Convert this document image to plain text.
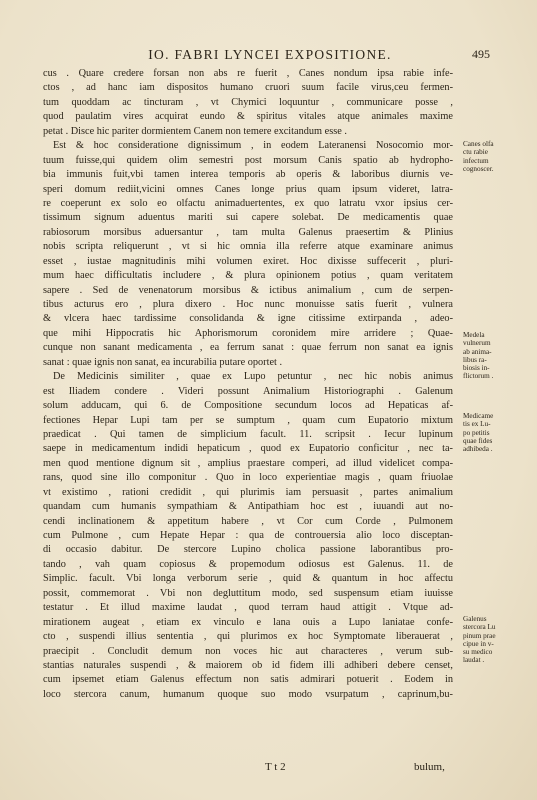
IO. FABRI LYNCEI EXPOSITIONE.	495
cus . Quare credere forsan non abs re fuerit , Canes nondum ipsa rabie infe-
ctos , ad hanc iam dispositos humano cruori suum facile virus,ceu fermen-
tum quoddam ac tincturam , vt Chymici loquuntur , communicare posse ,
quod paulatim vires acquirat eundo & spiritus vitales atque animales maxime
petat . Disce hic pariter dormientem Canem non temere excitandum esse .
Est & hoc consideratione dignissimum , in eodem Lateranensi Nosocomio mor-
tuum fuisse,qui quidem olim semestri post morsum Canis spatio ab hydropho-
bia immunis fuit,vbi tamen interea temporis ab operis & laboribus diurnis ve-
speri domum rediit,vicini omnes Canes longe prius quam ipsum videret, latra-
re coeperunt ex solo eo olfactu animaduertentes, ex quo latratu vxor ipsius cer-
tissimum signum aduentus mariti sui capere solebat. De medicamentis quae
rabiosorum morsibus aduersantur , tam multa Galenus praesertim & Plinius
nobis scripta reliquerunt , vt si hic omnia illa referre atque examinare animus
esset , iustae magnitudinis mihi volumen exiret. Hoc dixisse suffecerit , pluri-
mum haec difficultatis includere , & plura opinionem potius , quam veritatem
sapere . Sed de venenatorum morsibus & ictibus animalium , cum de serpen-
tibus acturus ero , plura dixero . Hoc nunc monuisse satis fuerit , vulnera
& vlcera haec tardissime consolidanda & igne citissime extirpanda , adeo-
que mihi Hippocratis hic Aphorismorum coronidem mire arridere ; Quae-
cunque non sanant medicamenta , ea ferrum sanat : quae ferrum non sanat ea ignis
sanat : quae ignis non sanat, ea incurabilia putare oportet .
De Medicinis similiter , quae ex Lupo petuntur , nec hic nobis animus
est Iliadem condere . Videri possunt Animalium Historiographi . Galenum
solum adducam, qui 6. de Compositione secundum locos ad Hepaticas af-
fectiones Hepar Lupi tam per se sumptum , quam cum Eupatorio mixtum
praedicat . Qui tamen de simplicium facult. 11. scripsit . Iecur lupinum
saepe in medicamentum indidi hepaticum , quod ex Eupatorio conficitur , nec ta-
men quod mentione dignum sit , amplius praestare comperi, ad illud videlicet compa-
rans, quod sine illo componitur . Quo in loco experientiae magis , quam friuolae
vt existimo , rationi credidit , qui plurimis iam persuasit , partes animalium
quandam cum humanis sympathiam & Antipathiam hoc est , iuuandi aut no-
cendi inclinationem & appetitum habere , vt Cor cum Corde , Pulmonem
cum Pulmone , cum Hepate Hepar : qua de controuersia alio loco disceptan-
di occasio dabitur. De stercore Lupino cholica passione laborantibus pro-
tando , vah quam copiosus & propemodum odiosus est Galenus. 11. de
Simplic. facult. Vbi longa verborum serie , quid & quantum in hoc affectu
possit, commemorat . Vbi non degluttitum modo, sed suspensum etiam iuuisse
testatur . Et illud maxime laudat , quod terram haud attigit . Vtque ad-
mirationem augeat , etiam ex vinculo e lana ouis a Lupo laniatae confe-
cto , suspendi illius sententia , qui plurimos ex hoc Symptomate liberauerat ,
praecipit . Concludit demum non voces hic aut characteres , verum sub-
stantias naturales suspendi , & maiorem ob id fidem illi adhiberi debere censet,
cum ipsemet etiam Galenus effectum non satis admirari potuerit . Eodem in
loco stercora canum, humanum quoque suo modo vsurpatum , caprinum,bu-
Canes olfa
ctu rabie
infectum
cognoscer.
Medela
vulnerum
ab anima-
libus ra-
biosis in-
flictorum .
Medicame
tis ex Lu-
po petitis
quae fides
adhibeda .
Galenus
stercora Lu
pinum prae
cipue in v-
su medico
laudat .
T t 2	bulum,
